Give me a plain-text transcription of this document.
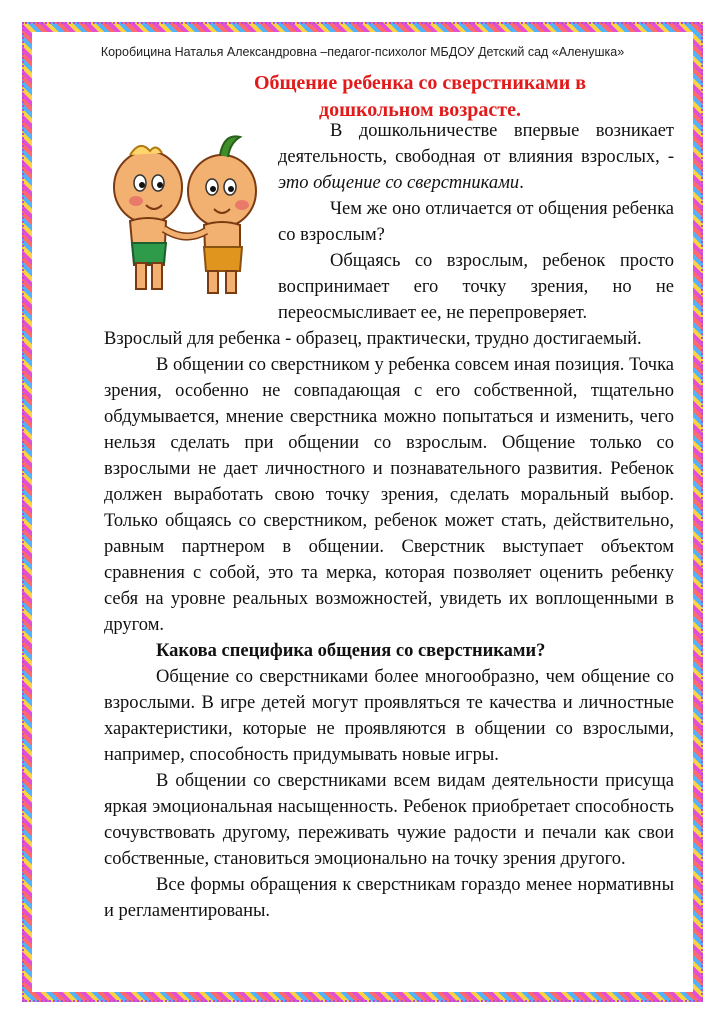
Коробицина Наталья Александровна –педагог-психолог МБДОУ Детский сад «Аленушка»
Общение ребенка со сверстниками в
дошкольном возрасте.

В дошкольничестве впервые возникает деятельность, свободная от влияния взрослых, - это общение со сверстниками.

Чем же оно отличается от общения ребенка со взрослым?

Общаясь со взрослым, ребенок просто воспринимает его точку зрения, но не переосмысливает ее, не перепроверяет.

Взрослый для ребенка - образец, практически, трудно достигаемый.

В общении со сверстником у ребенка совсем иная позиция. Точка зрения, особенно не совпадающая с его собственной, тщательно обдумывается, мнение сверстника можно попытаться и изменить, чего нельзя сделать при общении со взрослым. Общение только со взрослыми не дает личностного и познавательного развития. Ребенок должен выработать свою точку зрения, сделать моральный выбор. Только общаясь со сверстником, ребенок может стать, действительно, равным партнером в общении. Сверстник выступает объектом сравнения с собой, это та мерка, которая позволяет оценить ребенку себя на уровне реальных возможностей, увидеть их воплощенными в другом.

Какова специфика общения со сверстниками?

Общение со сверстниками более многообразно, чем общение со взрослыми. В игре детей могут проявляться те качества и личностные характеристики, которые не проявляются в общении со взрослыми, например, способность придумывать новые игры.

В общении со сверстниками всем видам деятельности присуща яркая эмоциональная насыщенность. Ребенок приобретает способность сочувствовать другому, переживать чужие радости и печали как свои собственные, становиться эмоционально на точку зрения другого.

Все формы обращения к сверстникам гораздо менее нормативны и регламентированы.
